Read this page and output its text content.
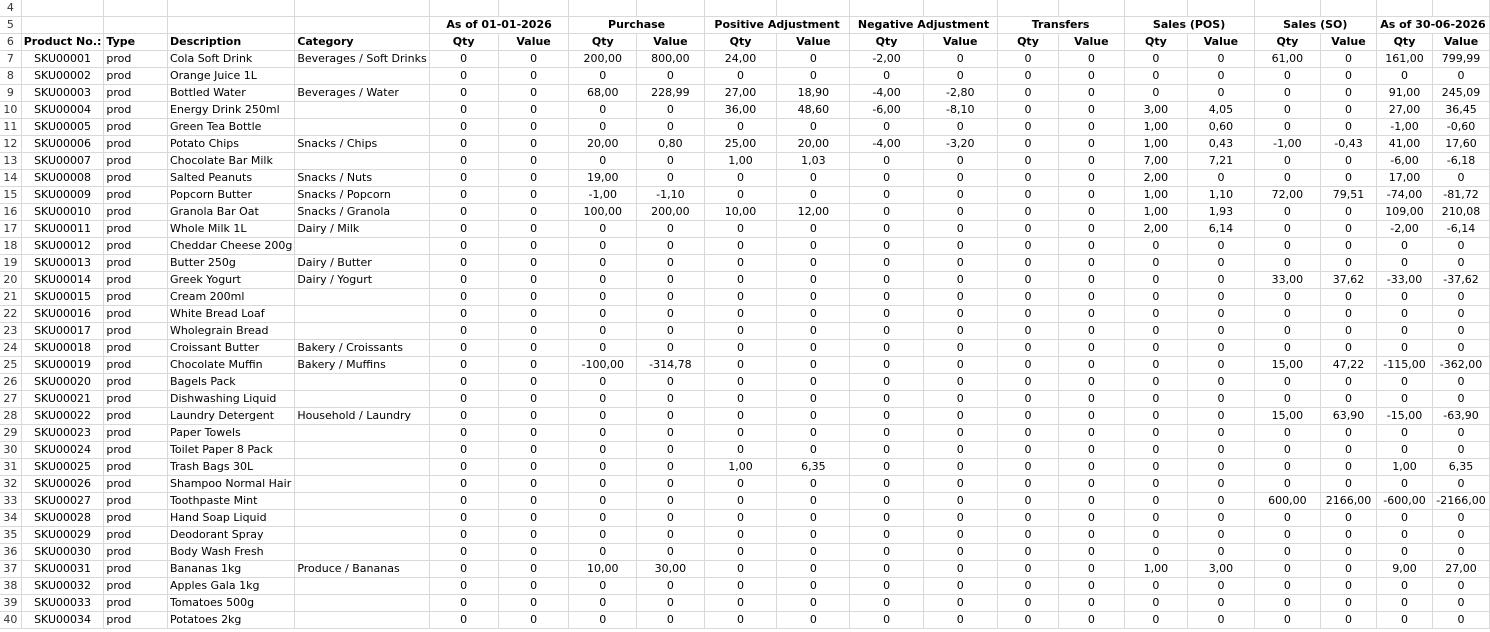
4																				
5					As of 01-01-2026		Purchase		Positive Adjustment		Negative Adjustment		Transfers		Sales (POS)		Sales (SO)		As of 30-06-2026	
6	Product No.:	Type	Description	Category	Qty	Value	Qty	Value	Qty	Value	Qty	Value	Qty	Value	Qty	Value	Qty	Value	Qty	Value
7	SKU00001	prod	Cola Soft Drink	Beverages / Soft Drinks	0	0	200,00	800,00	24,00	0	-2,00	0	0	0	0	0	61,00	0	161,00	799,99
8	SKU00002	prod	Orange Juice 1L		0	0	0	0	0	0	0	0	0	0	0	0	0	0	0	0
9	SKU00003	prod	Bottled Water	Beverages / Water	0	0	68,00	228,99	27,00	18,90	-4,00	-2,80	0	0	0	0	0	0	91,00	245,09
10	SKU00004	prod	Energy Drink 250ml		0	0	0	0	36,00	48,60	-6,00	-8,10	0	0	3,00	4,05	0	0	27,00	36,45
11	SKU00005	prod	Green Tea Bottle		0	0	0	0	0	0	0	0	0	0	1,00	0,60	0	0	-1,00	-0,60
12	SKU00006	prod	Potato Chips	Snacks / Chips	0	0	20,00	0,80	25,00	20,00	-4,00	-3,20	0	0	1,00	0,43	-1,00	-0,43	41,00	17,60
13	SKU00007	prod	Chocolate Bar Milk		0	0	0	0	1,00	1,03	0	0	0	0	7,00	7,21	0	0	-6,00	-6,18
14	SKU00008	prod	Salted Peanuts	Snacks / Nuts	0	0	19,00	0	0	0	0	0	0	0	2,00	0	0	0	17,00	0
15	SKU00009	prod	Popcorn Butter	Snacks / Popcorn	0	0	-1,00	-1,10	0	0	0	0	0	0	1,00	1,10	72,00	79,51	-74,00	-81,72
16	SKU00010	prod	Granola Bar Oat	Snacks / Granola	0	0	100,00	200,00	10,00	12,00	0	0	0	0	1,00	1,93	0	0	109,00	210,08
17	SKU00011	prod	Whole Milk 1L	Dairy / Milk	0	0	0	0	0	0	0	0	0	0	2,00	6,14	0	0	-2,00	-6,14
18	SKU00012	prod	Cheddar Cheese 200g		0	0	0	0	0	0	0	0	0	0	0	0	0	0	0	0
19	SKU00013	prod	Butter 250g	Dairy / Butter	0	0	0	0	0	0	0	0	0	0	0	0	0	0	0	0
20	SKU00014	prod	Greek Yogurt	Dairy / Yogurt	0	0	0	0	0	0	0	0	0	0	0	0	33,00	37,62	-33,00	-37,62
21	SKU00015	prod	Cream 200ml		0	0	0	0	0	0	0	0	0	0	0	0	0	0	0	0
22	SKU00016	prod	White Bread Loaf		0	0	0	0	0	0	0	0	0	0	0	0	0	0	0	0
23	SKU00017	prod	Wholegrain Bread		0	0	0	0	0	0	0	0	0	0	0	0	0	0	0	0
24	SKU00018	prod	Croissant Butter	Bakery / Croissants	0	0	0	0	0	0	0	0	0	0	0	0	0	0	0	0
25	SKU00019	prod	Chocolate Muffin	Bakery / Muffins	0	0	-100,00	-314,78	0	0	0	0	0	0	0	0	15,00	47,22	-115,00	-362,00
26	SKU00020	prod	Bagels Pack		0	0	0	0	0	0	0	0	0	0	0	0	0	0	0	0
27	SKU00021	prod	Dishwashing Liquid		0	0	0	0	0	0	0	0	0	0	0	0	0	0	0	0
28	SKU00022	prod	Laundry Detergent	Household / Laundry	0	0	0	0	0	0	0	0	0	0	0	0	15,00	63,90	-15,00	-63,90
29	SKU00023	prod	Paper Towels		0	0	0	0	0	0	0	0	0	0	0	0	0	0	0	0
30	SKU00024	prod	Toilet Paper 8 Pack		0	0	0	0	0	0	0	0	0	0	0	0	0	0	0	0
31	SKU00025	prod	Trash Bags 30L		0	0	0	0	1,00	6,35	0	0	0	0	0	0	0	0	1,00	6,35
32	SKU00026	prod	Shampoo Normal Hair		0	0	0	0	0	0	0	0	0	0	0	0	0	0	0	0
33	SKU00027	prod	Toothpaste Mint		0	0	0	0	0	0	0	0	0	0	0	0	600,00	2166,00	-600,00	-2166,00
34	SKU00028	prod	Hand Soap Liquid		0	0	0	0	0	0	0	0	0	0	0	0	0	0	0	0
35	SKU00029	prod	Deodorant Spray		0	0	0	0	0	0	0	0	0	0	0	0	0	0	0	0
36	SKU00030	prod	Body Wash Fresh		0	0	0	0	0	0	0	0	0	0	0	0	0	0	0	0
37	SKU00031	prod	Bananas 1kg	Produce / Bananas	0	0	10,00	30,00	0	0	0	0	0	0	1,00	3,00	0	0	9,00	27,00
38	SKU00032	prod	Apples Gala 1kg		0	0	0	0	0	0	0	0	0	0	0	0	0	0	0	0
39	SKU00033	prod	Tomatoes 500g		0	0	0	0	0	0	0	0	0	0	0	0	0	0	0	0
40	SKU00034	prod	Potatoes 2kg		0	0	0	0	0	0	0	0	0	0	0	0	0	0	0	0
